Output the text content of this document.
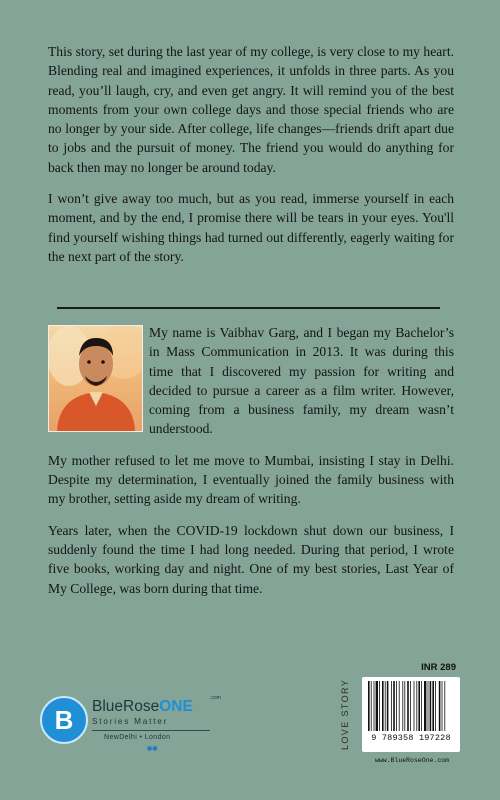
This story, set during the last year of my college, is very close to my heart. Blending real and imagined experiences, it unfolds in three parts. As you read, you’ll laugh, cry, and even get angry. It will remind you of the best moments from your own college days and those special friends who are no longer by your side. After college, life changes—friends drift apart due to jobs and the pursuit of money. The friend you would do anything for back then may no longer be around today.

I won’t give away too much, but as you read, immerse yourself in each moment, and by the end, I promise there will be tears in your eyes. You'll find yourself wishing things had turned out differently, eagerly waiting for the next part of the story.

My name is Vaibhav Garg, and I began my Bachelor’s in Mass Communication in 2013. It was during this time that I discovered my passion for writing and decided to pursue a career as a film writer. However, coming from a business family, my dream wasn’t understood.

My mother refused to let me move to Mumbai, insisting I stay in Delhi. Despite my determination, I eventually joined the family business with my brother, setting aside my dream of writing.

Years later, when the COVID-19 lockdown shut down our business, I suddenly found the time I had long needed. During that period, I wrote five books, working day and night. One of my best stories, Last Year of My College, was born during that time.

B	BlueRoseONE	.com
Stories Matter
NewDelhi • London
●●
INR 289
LOVE STORY	9 789358 197228
www.BlueRoseOne.com
